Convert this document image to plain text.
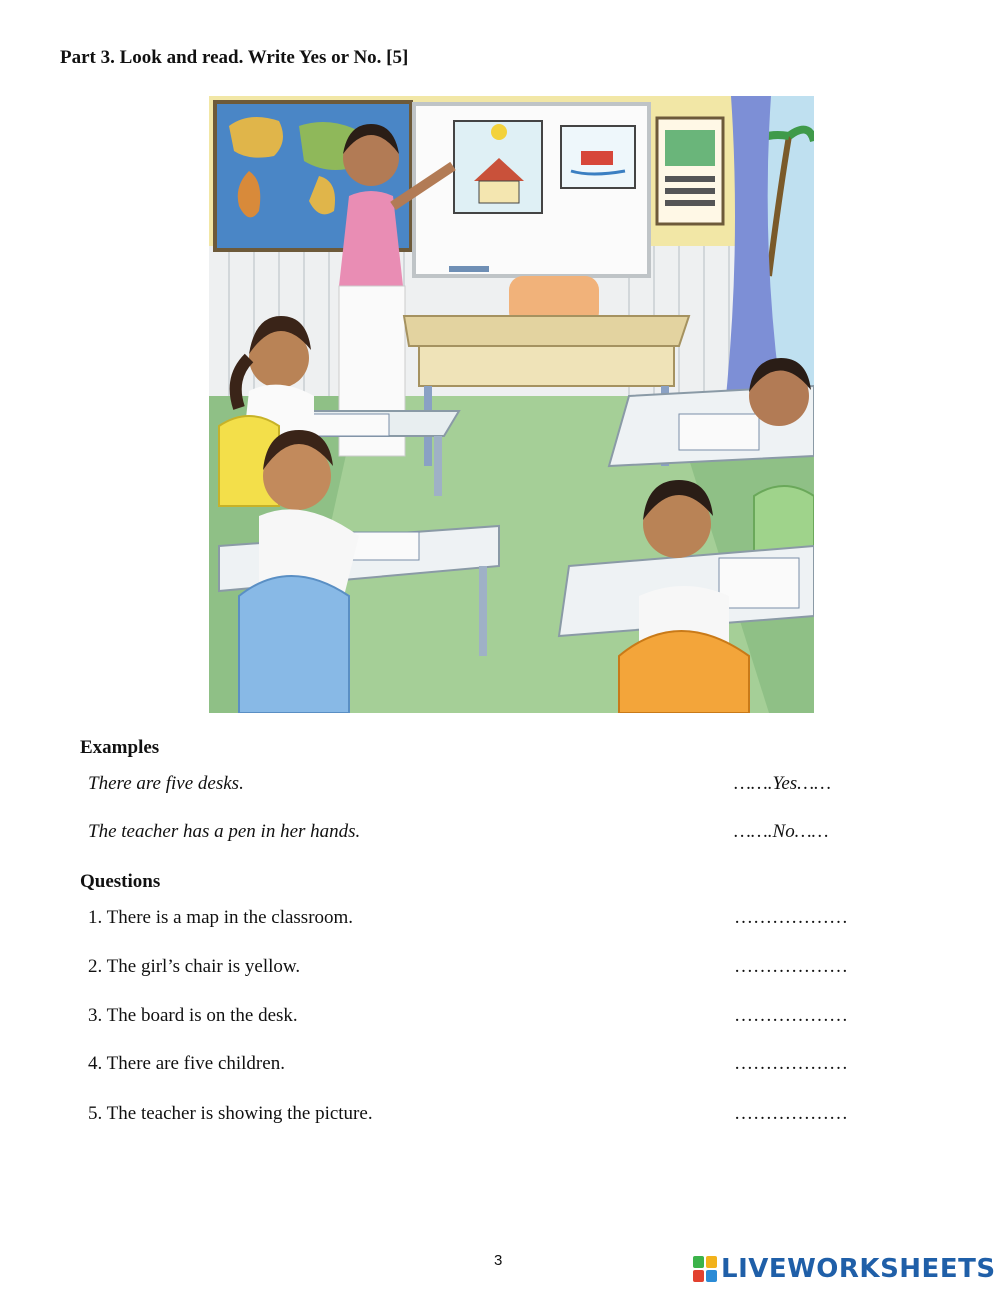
Part 3. Look and read. Write Yes or No. [5]
Examples
There are five desks.	…….Yes……
The teacher has a pen in her hands.	…….No……
Questions
1. There is a map in the classroom.	………………
2. The girl’s chair is yellow.	………………
3. The board is on the desk.	………………
4. There are five children.	………………
5. The teacher is showing the picture.	………………
3	LIVEWORKSHEETS
